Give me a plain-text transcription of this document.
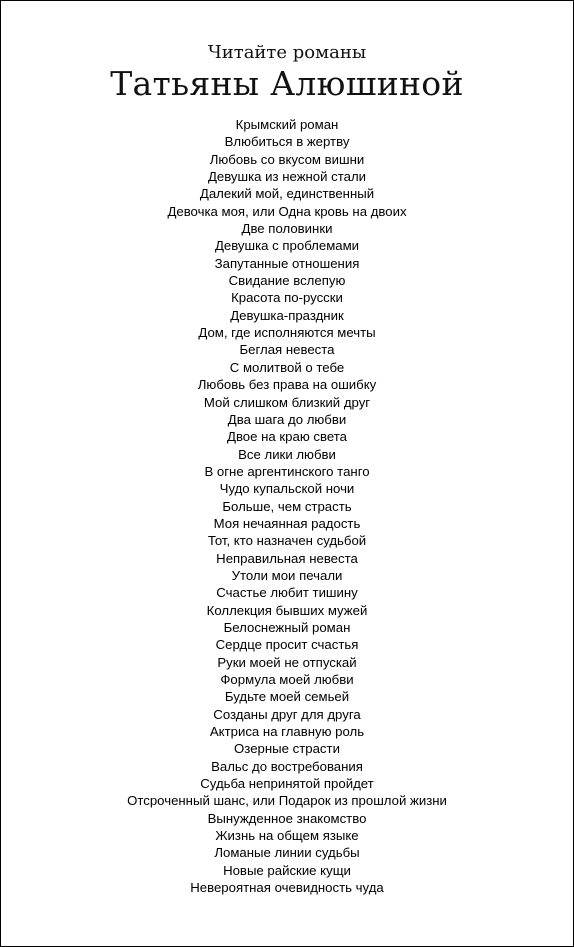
Читайте романы
Татьяны Алюшиной
Крымский роман
Влюбиться в жертву
Любовь со вкусом вишни
Девушка из нежной стали
Далекий мой, единственный
Девочка моя, или Одна кровь на двоих
Две половинки
Девушка с проблемами
Запутанные отношения
Свидание вслепую
Красота по-русски
Девушка-праздник
Дом, где исполняются мечты
Беглая невеста
С молитвой о тебе
Любовь без права на ошибку
Мой слишком близкий друг
Два шага до любви
Двое на краю света
Все лики любви
В огне аргентинского танго
Чудо купальской ночи
Больше, чем страсть
Моя нечаянная радость
Тот, кто назначен судьбой
Неправильная невеста
Утоли мои печали
Счастье любит тишину
Коллекция бывших мужей
Белоснежный роман
Сердце просит счастья
Руки моей не отпускай
Формула моей любви
Будьте моей семьей
Созданы друг для друга
Актриса на главную роль
Озерные страсти
Вальс до востребования
Судьба непринятой пройдет
Отсроченный шанс, или Подарок из прошлой жизни
Вынужденное знакомство
Жизнь на общем языке
Ломаные линии судьбы
Новые райские кущи
Невероятная очевидность чуда
